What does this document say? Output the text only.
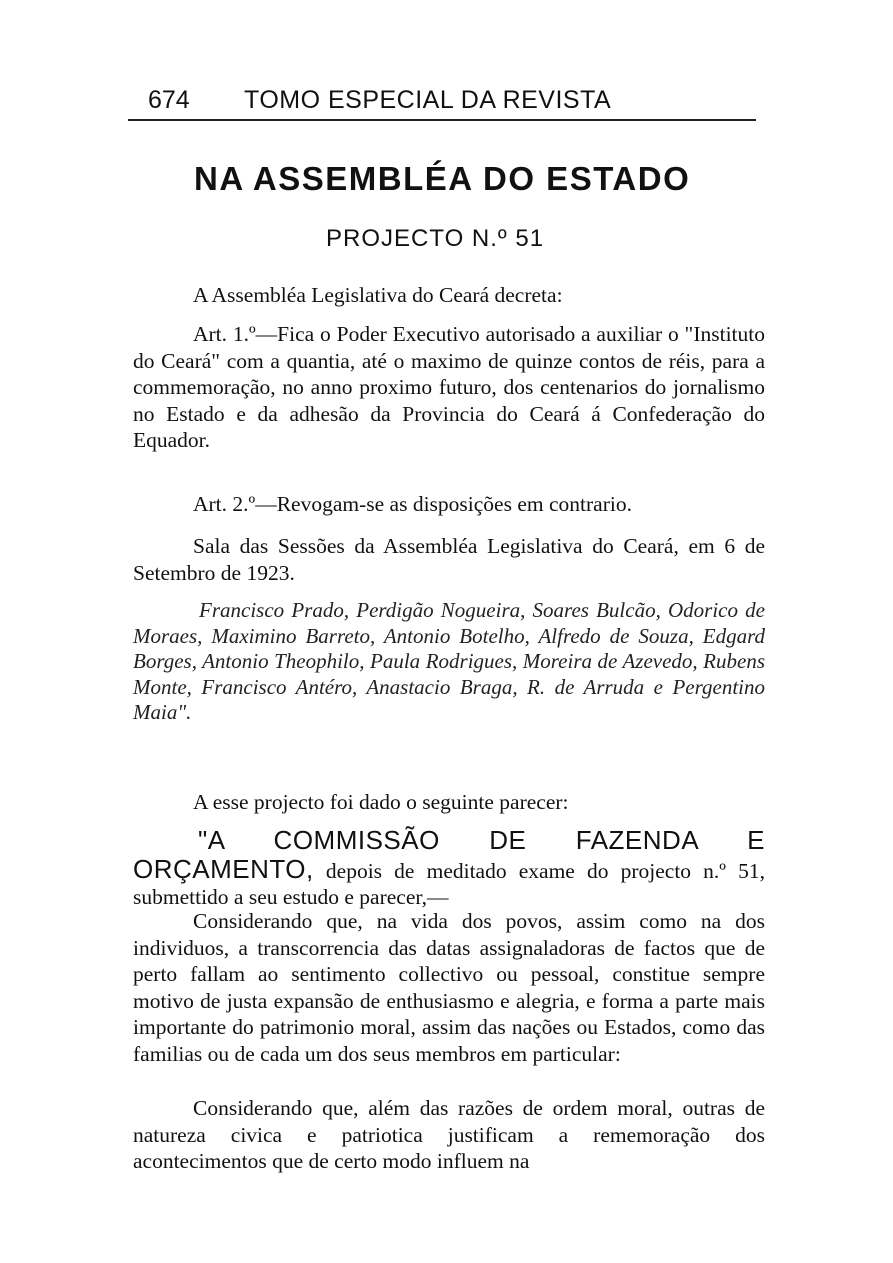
674 TOMO ESPECIAL DA REVISTA
NA ASSEMBLÉA DO ESTADO
PROJECTO N.º 51

A Assembléa Legislativa do Ceará decreta:

Art. 1.º—Fica o Poder Executivo autorisado a auxiliar o "Instituto do Ceará" com a quantia, até o maximo de quinze contos de réis, para a commemoração, no anno proximo futuro, dos centenarios do jornalismo no Estado e da adhesão da Provincia do Ceará á Confederação do Equador.

Art. 2.º—Revogam-se as disposições em contrario.

Sala das Sessões da Assembléa Legislativa do Ceará, em 6 de Setembro de 1923.

Francisco Prado, Perdigão Nogueira, Soares Bulcão, Odorico de Moraes, Maximino Barreto, Antonio Botelho, Alfredo de Souza, Edgard Borges, Antonio Theophilo, Paula Rodrigues, Moreira de Azevedo, Rubens Monte, Francisco Antéro, Anastacio Braga, R. de Arruda e Pergentino Maia".

A esse projecto foi dado o seguinte parecer:

"A COMMISSÃO DE FAZENDA E ORÇAMENTO, depois de meditado exame do projecto n.º 51, submettido a seu estudo e parecer,—

Considerando que, na vida dos povos, assim como na dos individuos, a transcorrencia das datas assignaladoras de factos que de perto fallam ao sentimento collectivo ou pessoal, constitue sempre motivo de justa expansão de enthusiasmo e alegria, e forma a parte mais importante do patrimonio moral, assim das nações ou Estados, como das familias ou de cada um dos seus membros em particular:

Considerando que, além das razões de ordem moral, outras de natureza civica e patriotica justificam a rememoração dos acontecimentos que de certo modo influem na
